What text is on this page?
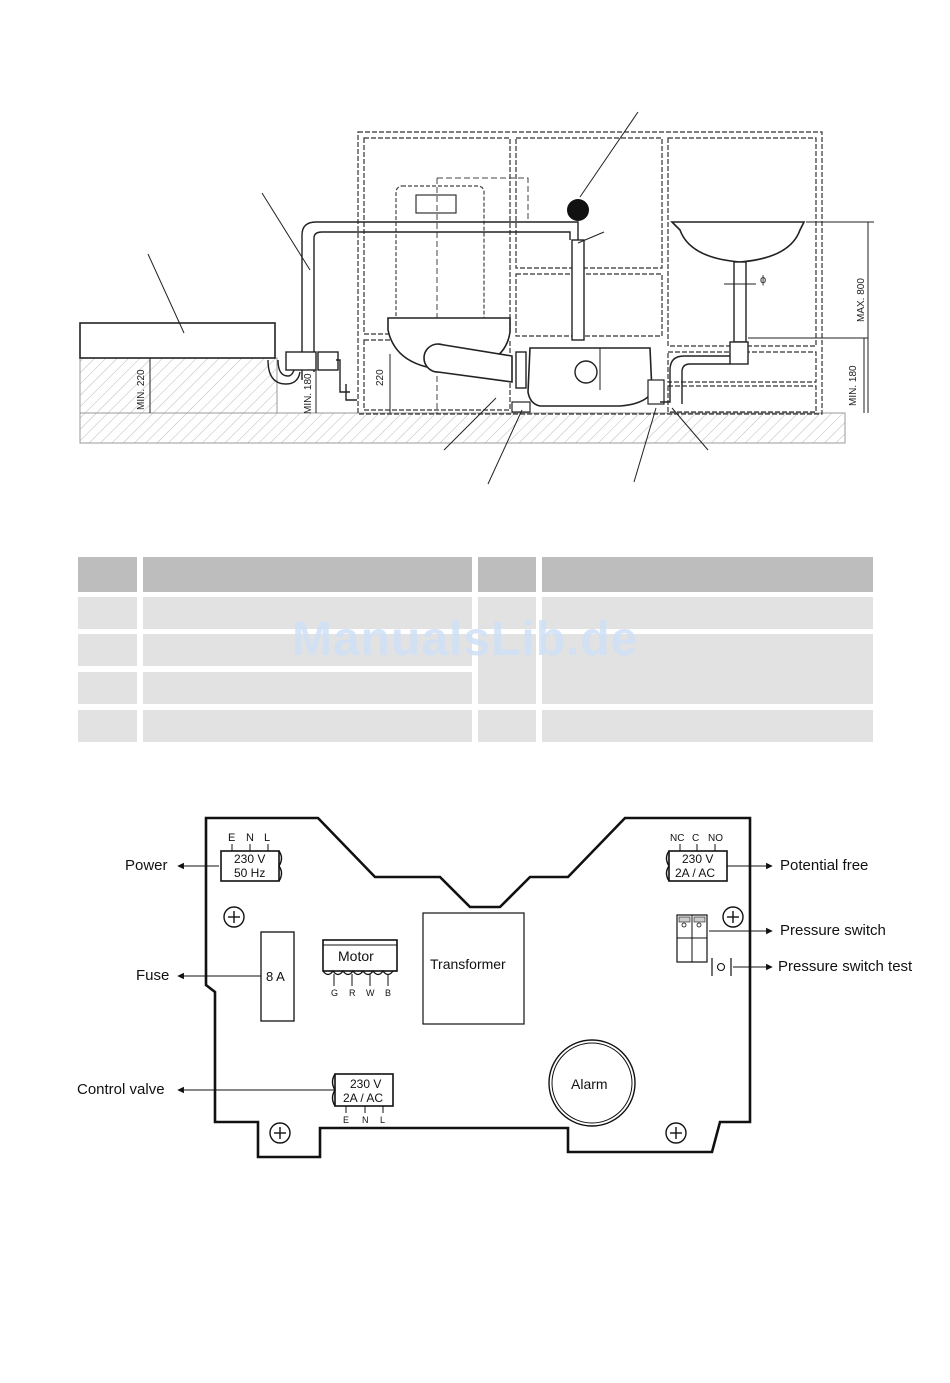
ϕ
MIN. 220	MIN. 180	220
MAX. 800
MIN. 180
ManualsLib.de
E N L
230 V
50 Hz
Power
NC C NO
230 V
2A / AC	Potential free
Pressure switch
Pressure switch test
8 A
Fuse
Motor
G R W B
Transformer
Alarm
230 V
2A / AC
E N L
Control valve
